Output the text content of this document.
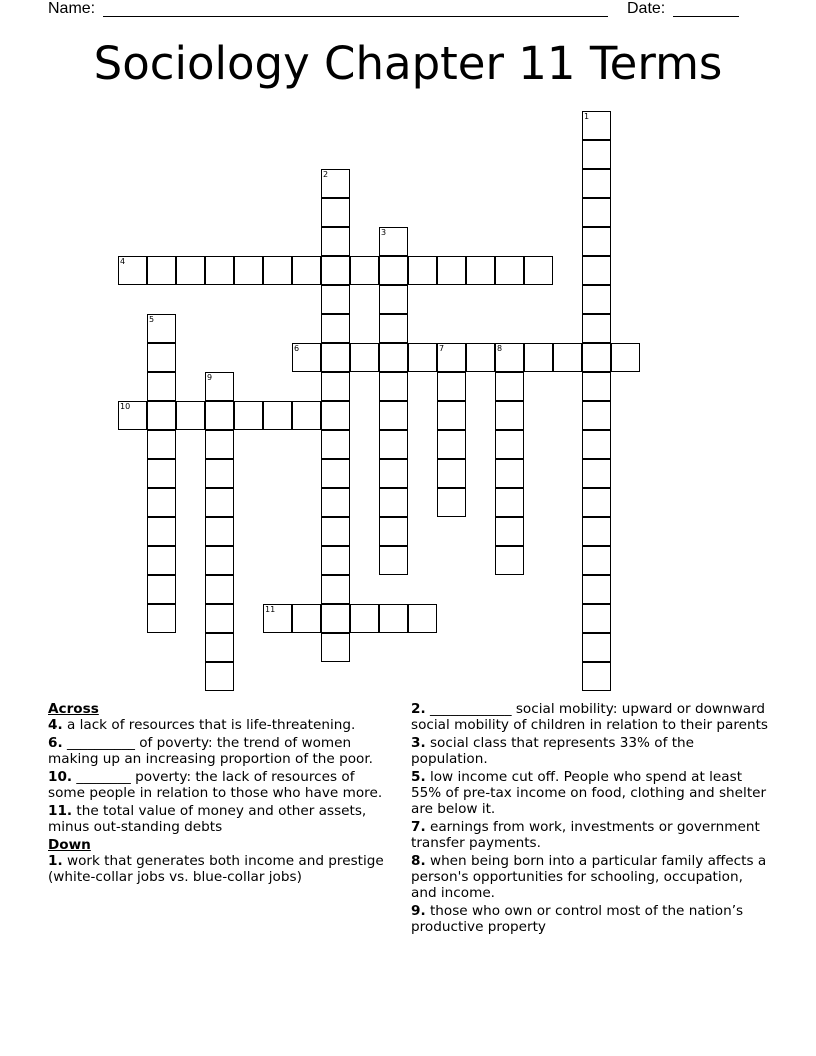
Name:	Date:
Sociology Chapter 11 Terms
1
2
3
4
5
6	7	8
9
10
11
Across
4. a lack of resources that is life-threatening.
6. __________ of poverty: the trend of women making up an increasing proportion of the poor.
10. ________ poverty: the lack of resources of some people in relation to those who have more.
11. the total value of money and other assets, minus out-standing debts
Down
1. work that generates both income and prestige (white-collar jobs vs. blue-collar jobs)
2. ____________ social mobility: upward or downward social mobility of children in relation to their parents
3. social class that represents 33% of the population.
5. low income cut off. People who spend at least 55% of pre-tax income on food, clothing and shelter are below it.
7. earnings from work, investments or government transfer payments.
8. when being born into a particular family affects a person's opportunities for schooling, occupation, and income.
9. those who own or control most of the nation’s productive property
